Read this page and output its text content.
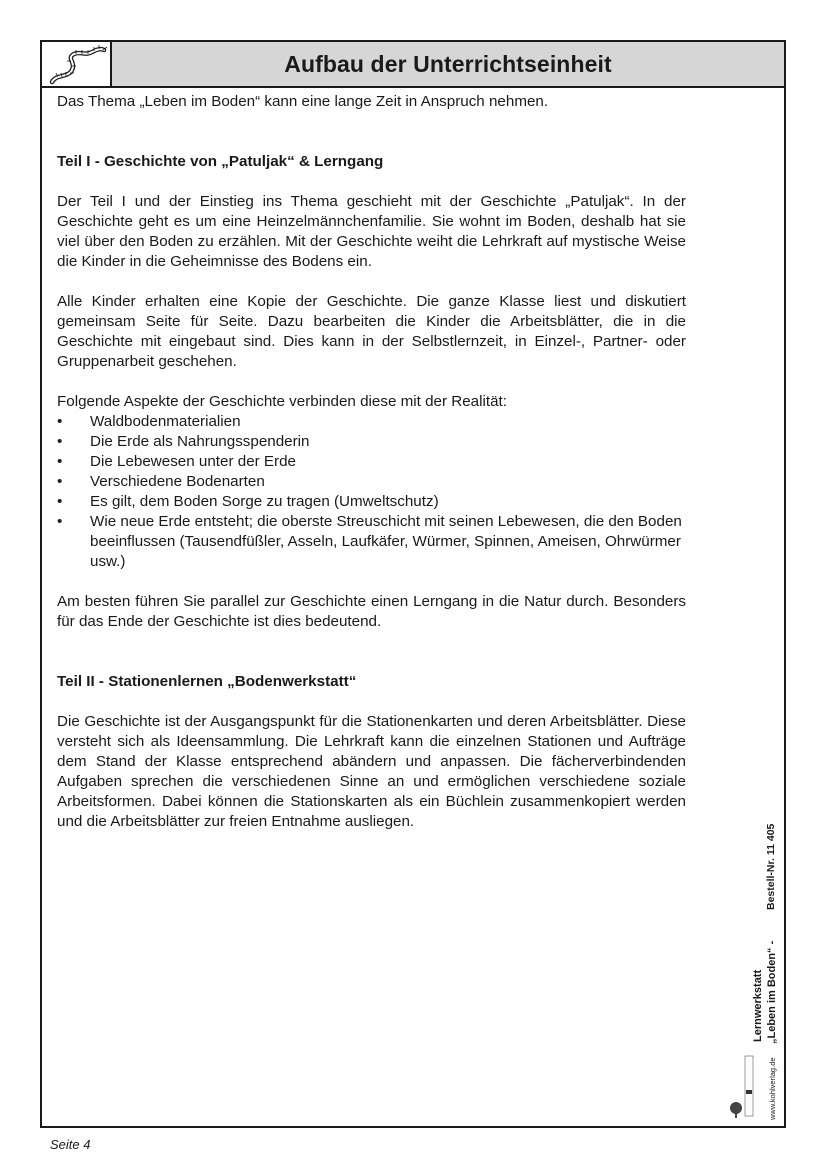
Aufbau der Unterrichtseinheit

Das Thema „Leben im Boden“ kann eine lange Zeit in Anspruch nehmen.

Teil I - Geschichte von „Patuljak“ & Lerngang

Der Teil I und der Einstieg ins Thema geschieht mit der Geschichte „Patuljak“. In der Geschichte geht es um eine Heinzelmännchenfamilie. Sie wohnt im Boden, deshalb hat sie viel über den Boden zu erzählen. Mit der Geschichte weiht die Lehrkraft auf mystische Weise die Kinder in die Geheimnisse des Bodens ein.

Alle Kinder erhalten eine Kopie der Geschichte. Die ganze Klasse liest und diskutiert gemeinsam Seite für Seite. Dazu bearbeiten die Kinder die Arbeitsblätter, die in die Geschichte mit eingebaut sind. Dies kann in der Selbstlernzeit, in Einzel-, Partner- oder Gruppenarbeit geschehen.

Folgende Aspekte der Geschichte verbinden diese mit der Realität:

• Waldbodenmaterialien
• Die Erde als Nahrungsspenderin
• Die Lebewesen unter der Erde
• Verschiedene Bodenarten
• Es gilt, dem Boden Sorge zu tragen (Umweltschutz)
• Wie neue Erde entsteht; die oberste Streuschicht mit seinen Lebewesen, die den Boden beeinflussen (Tausendfüßler, Asseln, Laufkäfer, Würmer, Spinnen, Ameisen, Ohrwürmer usw.)

Am besten führen Sie parallel zur Geschichte einen Lerngang in die Natur durch. Besonders für das Ende der Geschichte ist dies bedeutend.

Teil II - Stationenlernen „Bodenwerkstatt“

Die Geschichte ist der Ausgangspunkt für die Stationenkarten und deren Arbeitsblätter. Diese versteht sich als Ideensammlung. Die Lehrkraft kann die einzelnen Stationen und Aufträge dem Stand der Klasse entsprechend abändern und anpassen. Die fächerverbindenden Aufgaben sprechen die verschiedenen Sinne an und ermöglichen verschiedene soziale Arbeitsformen. Dabei können die Stationskarten als ein Büchlein zusammenkopiert werden und die Arbeitsblätter zur freien Entnahme ausliegen.

Bestell-Nr. 11 405
Lernwerkstatt „Leben im Boden“ -
www.kohlverlag.de
Seite 4
